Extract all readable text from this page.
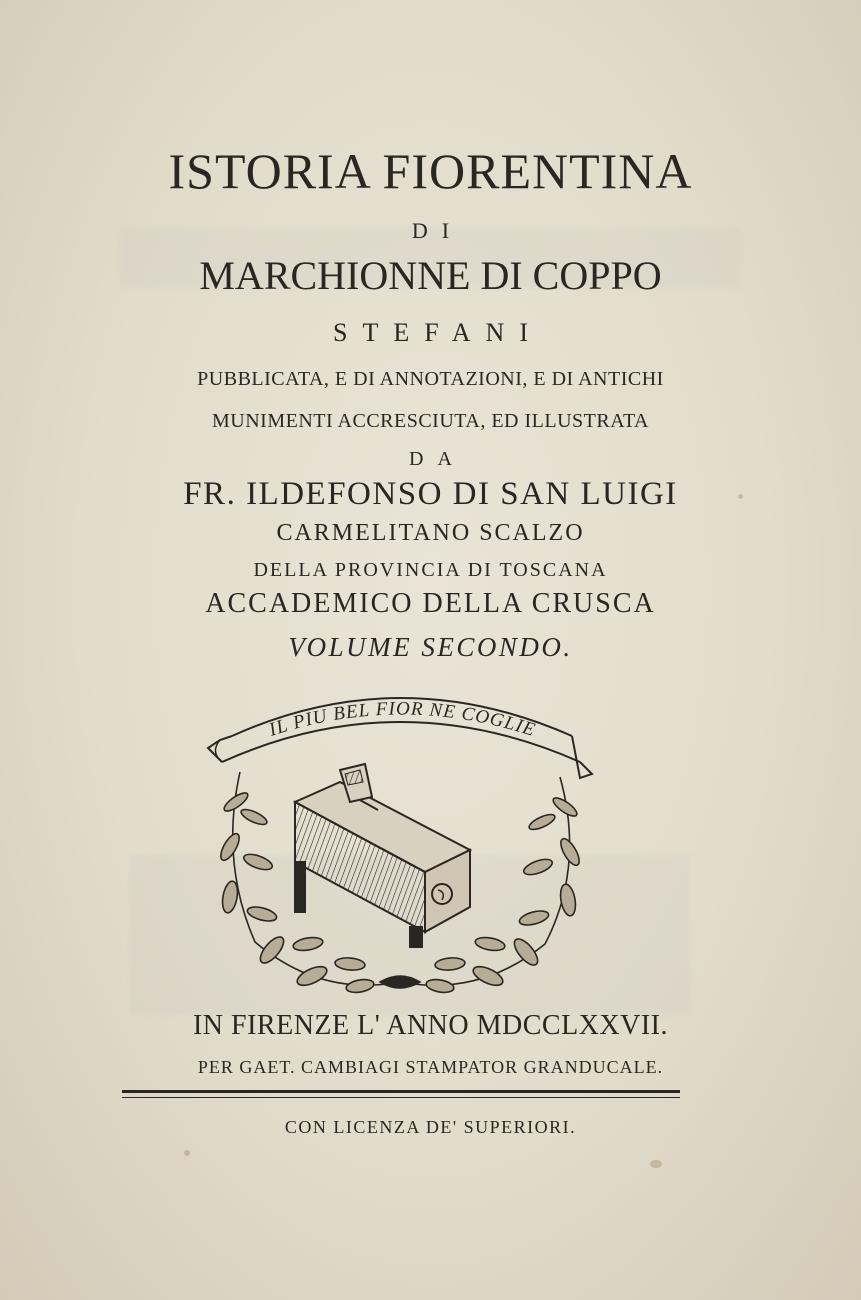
ISTORIA FIORENTINA
DI
MARCHIONNE DI COPPO
STEFANI
PUBBLICATA, E DI ANNOTAZIONI, E DI ANTICHI
MUNIMENTI ACCRESCIUTA, ED ILLUSTRATA
DA
FR. ILDEFONSO DI SAN LUIGI
CARMELITANO SCALZO
DELLA PROVINCIA DI TOSCANA
ACCADEMICO DELLA CRUSCA
VOLUME SECONDO.
IL PIU BEL FIOR NE COGLIE
IN FIRENZE L' ANNO MDCCLXXVII.
PER GAET. CAMBIAGI STAMPATOR GRANDUCALE.
CON LICENZA DE' SUPERIORI.
